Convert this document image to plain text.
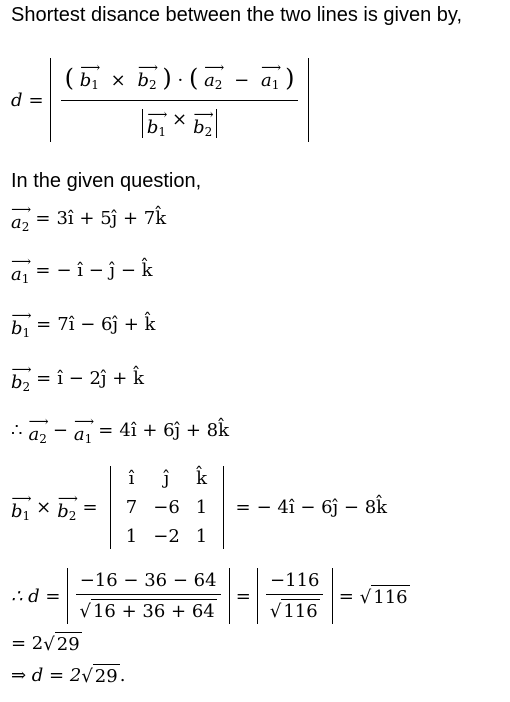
Shortest disance between the two lines is given by,
d =
( ⟶
$b_1$ ×
⟶
$b_2$ ) · ( ⟶
$a_2$ −
⟶
$a_1$ )
⟶
$b_1$
× ⟶
$b_2$
In the given question,
⟶
$a_2$ = 3î + 5ĵ + 7k̂
⟶
$a_1$ = − î − ĵ − k̂
⟶
$b_1$ = 7î − 6ĵ + k̂
⟶
$b_2$ = î − 2ĵ + k̂
∴ ⟶
$a_2$ − ⟶
$a_1$ = 4î + 6ĵ + 8k̂
⟶
$b_1$ × ⟶
$b_2$ =
î	ĵ	k̂
7 −6 1
1 −2 1
= − 4î − 6ĵ − 8k̂
∴ $d = \frac{-16 - 36 - 64}{√ 16 + 36 + 64} = \frac{-116}{√ 116}$ = √ 116
= 2 √ 29
⇒ d = 2 √ 29 .
